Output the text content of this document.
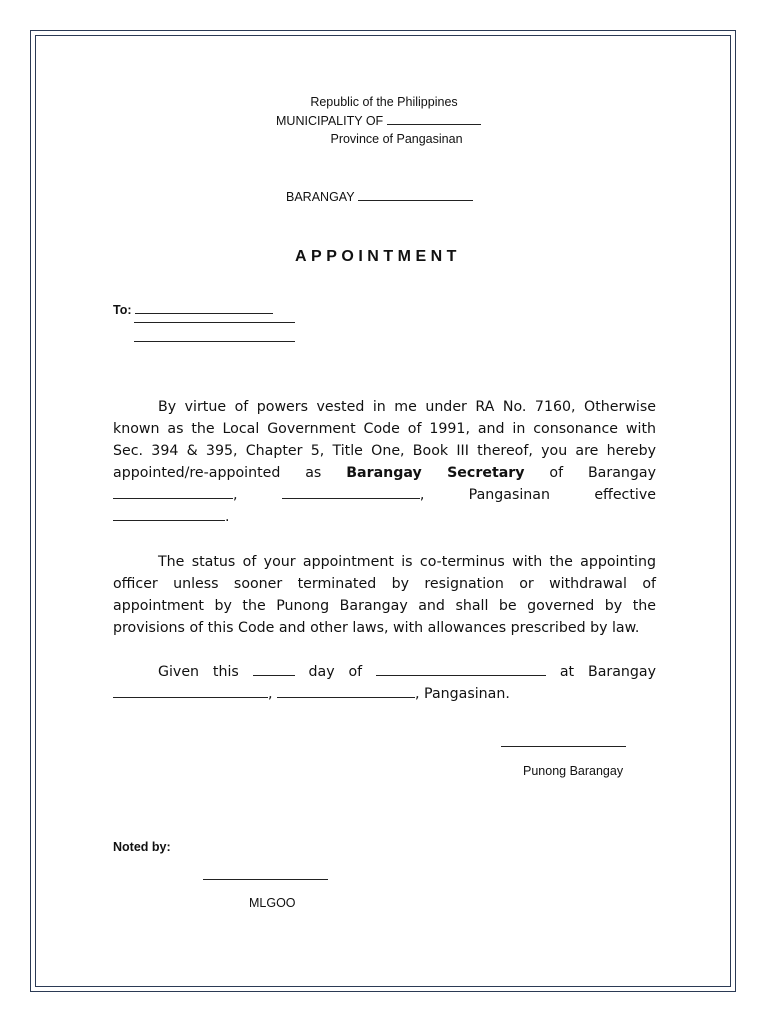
Republic of the Philippines
MUNICIPALITY OF
Province of Pangasinan
BARANGAY
APPOINTMENT
To:
By virtue of powers vested in me under RA No. 7160, Otherwise
known as the Local Government Code of 1991, and in consonance with
Sec. 394 & 395, Chapter 5, Title One, Book III thereof, you are hereby
appointed/re-appointed as Barangay Secretary of Barangay
,	, Pangasinan	effective
.

The status of your appointment is co-terminus with the appointing officer unless sooner terminated by resignation or withdrawal of appointment by the Punong Barangay and shall be governed by the provisions of this Code and other laws, with allowances prescribed by law.

Given this	day of	at Barangay
,	, Pangasinan.
Punong Barangay
Noted by:
MLGOO
